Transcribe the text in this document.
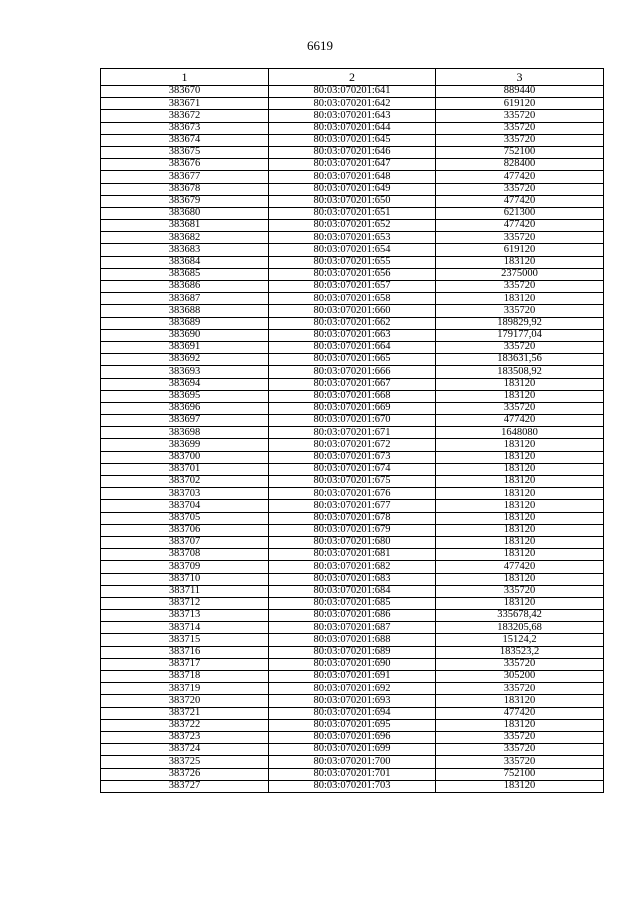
6619
1	2	3
383670	80:03:070201:641	889440
383671	80:03:070201:642	619120
383672	80:03:070201:643	335720
383673	80:03:070201:644	335720
383674	80:03:070201:645	335720
383675	80:03:070201:646	752100
383676	80:03:070201:647	828400
383677	80:03:070201:648	477420
383678	80:03:070201:649	335720
383679	80:03:070201:650	477420
383680	80:03:070201:651	621300
383681	80:03:070201:652	477420
383682	80:03:070201:653	335720
383683	80:03:070201:654	619120
383684	80:03:070201:655	183120
383685	80:03:070201:656	2375000
383686	80:03:070201:657	335720
383687	80:03:070201:658	183120
383688	80:03:070201:660	335720
383689	80:03:070201:662	189829,92
383690	80:03:070201:663	179177,04
383691	80:03:070201:664	335720
383692	80:03:070201:665	183631,56
383693	80:03:070201:666	183508,92
383694	80:03:070201:667	183120
383695	80:03:070201:668	183120
383696	80:03:070201:669	335720
383697	80:03:070201:670	477420
383698	80:03:070201:671	1648080
383699	80:03:070201:672	183120
383700	80:03:070201:673	183120
383701	80:03:070201:674	183120
383702	80:03:070201:675	183120
383703	80:03:070201:676	183120
383704	80:03:070201:677	183120
383705	80:03:070201:678	183120
383706	80:03:070201:679	183120
383707	80:03:070201:680	183120
383708	80:03:070201:681	183120
383709	80:03:070201:682	477420
383710	80:03:070201:683	183120
383711	80:03:070201:684	335720
383712	80:03:070201:685	183120
383713	80:03:070201:686	335678,42
383714	80:03:070201:687	183205,68
383715	80:03:070201:688	15124,2
383716	80:03:070201:689	183523,2
383717	80:03:070201:690	335720
383718	80:03:070201:691	305200
383719	80:03:070201:692	335720
383720	80:03:070201:693	183120
383721	80:03:070201:694	477420
383722	80:03:070201:695	183120
383723	80:03:070201:696	335720
383724	80:03:070201:699	335720
383725	80:03:070201:700	335720
383726	80:03:070201:701	752100
383727	80:03:070201:703	183120
